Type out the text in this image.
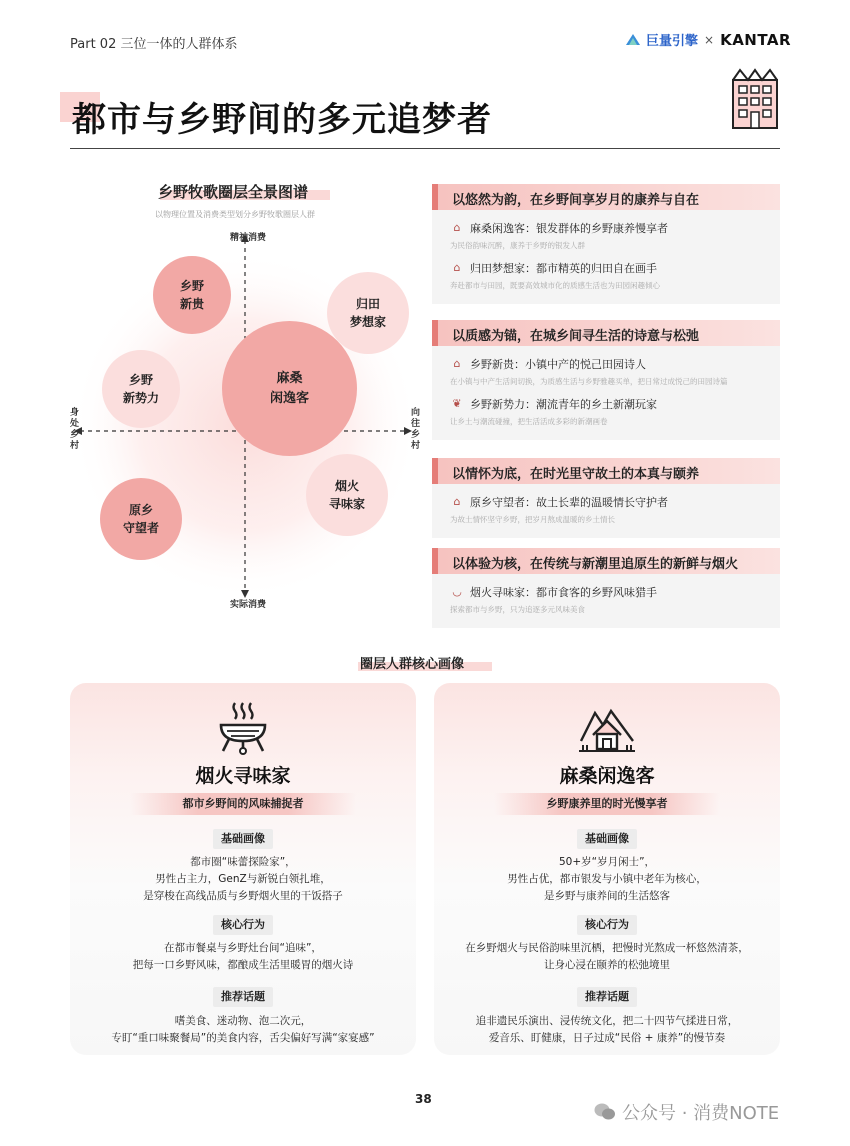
Part 02 三位一体的人群体系	巨量引擎 × KANTAR
都市与乡野间的多元追梦者
乡野牧歌圈层全景图谱
以物理位置及消费类型划分乡野牧歌圈层人群
精神消费
实际消费
身处乡村
向往乡村
乡野
新贵	归田
梦想家
乡野
新势力
麻桑
闲逸客
烟火
寻味家
原乡
守望者
以悠然为韵，在乡野间享岁月的康养与自在
⌂ 麻桑闲逸客：银发群体的乡野康养慢享者
为民俗韵味沉醉，康养于乡野的银发人群
⌂ 归田梦想家：都市精英的归田自在画手
奔赴都市与田园，既要高效城市化的质感生活也为田园闲趣倾心
以质感为锚，在城乡间寻生活的诗意与松弛
⌂ 乡野新贵：小镇中产的悦己田园诗人
在小镇与中产生活间切换，为质感生活与乡野雅趣买单，把日常过成悦己的田园诗篇
❦ 乡野新势力：潮流青年的乡土新潮玩家
让乡土与潮流碰撞，把生活活成多彩的新潮画卷
以情怀为底，在时光里守故土的本真与颐养
⌂ 原乡守望者：故土长辈的温暖情长守护者
为故土情怀坚守乡野，把岁月熬成温暖的乡土情长
以体验为核，在传统与新潮里追原生的新鲜与烟火
◡ 烟火寻味家：都市食客的乡野风味猎手
探索都市与乡野，只为追逐多元风味美食
圈层人群核心画像
烟火寻味家
都市乡野间的风味捕捉者
基础画像
都市圈“味蕾探险家”，
男性占主力，GenZ与新锐白领扎堆，
是穿梭在高线品质与乡野烟火里的干饭搭子
核心行为
在都市餐桌与乡野灶台间“追味”，
把每一口乡野风味，都酿成生活里暖胃的烟火诗
推荐话题
嗜美食、迷动物、泡二次元，
专盯“重口味聚餐局”的美食内容，舌尖偏好写满“家宴感”
麻桑闲逸客
乡野康养里的时光慢享者
基础画像
50+岁“岁月闲士”，
男性占优，都市银发与小镇中老年为核心，
是乡野与康养间的生活悠客
核心行为
在乡野烟火与民俗韵味里沉栖，把慢时光熬成一杯悠然清茶，
让身心浸在颐养的松弛境里
推荐话题
追非遗民乐演出、浸传统文化，把二十四节气揉进日常，
爱音乐、盯健康，日子过成“民俗 + 康养”的慢节奏
38
公众号 · 消费NOTE
